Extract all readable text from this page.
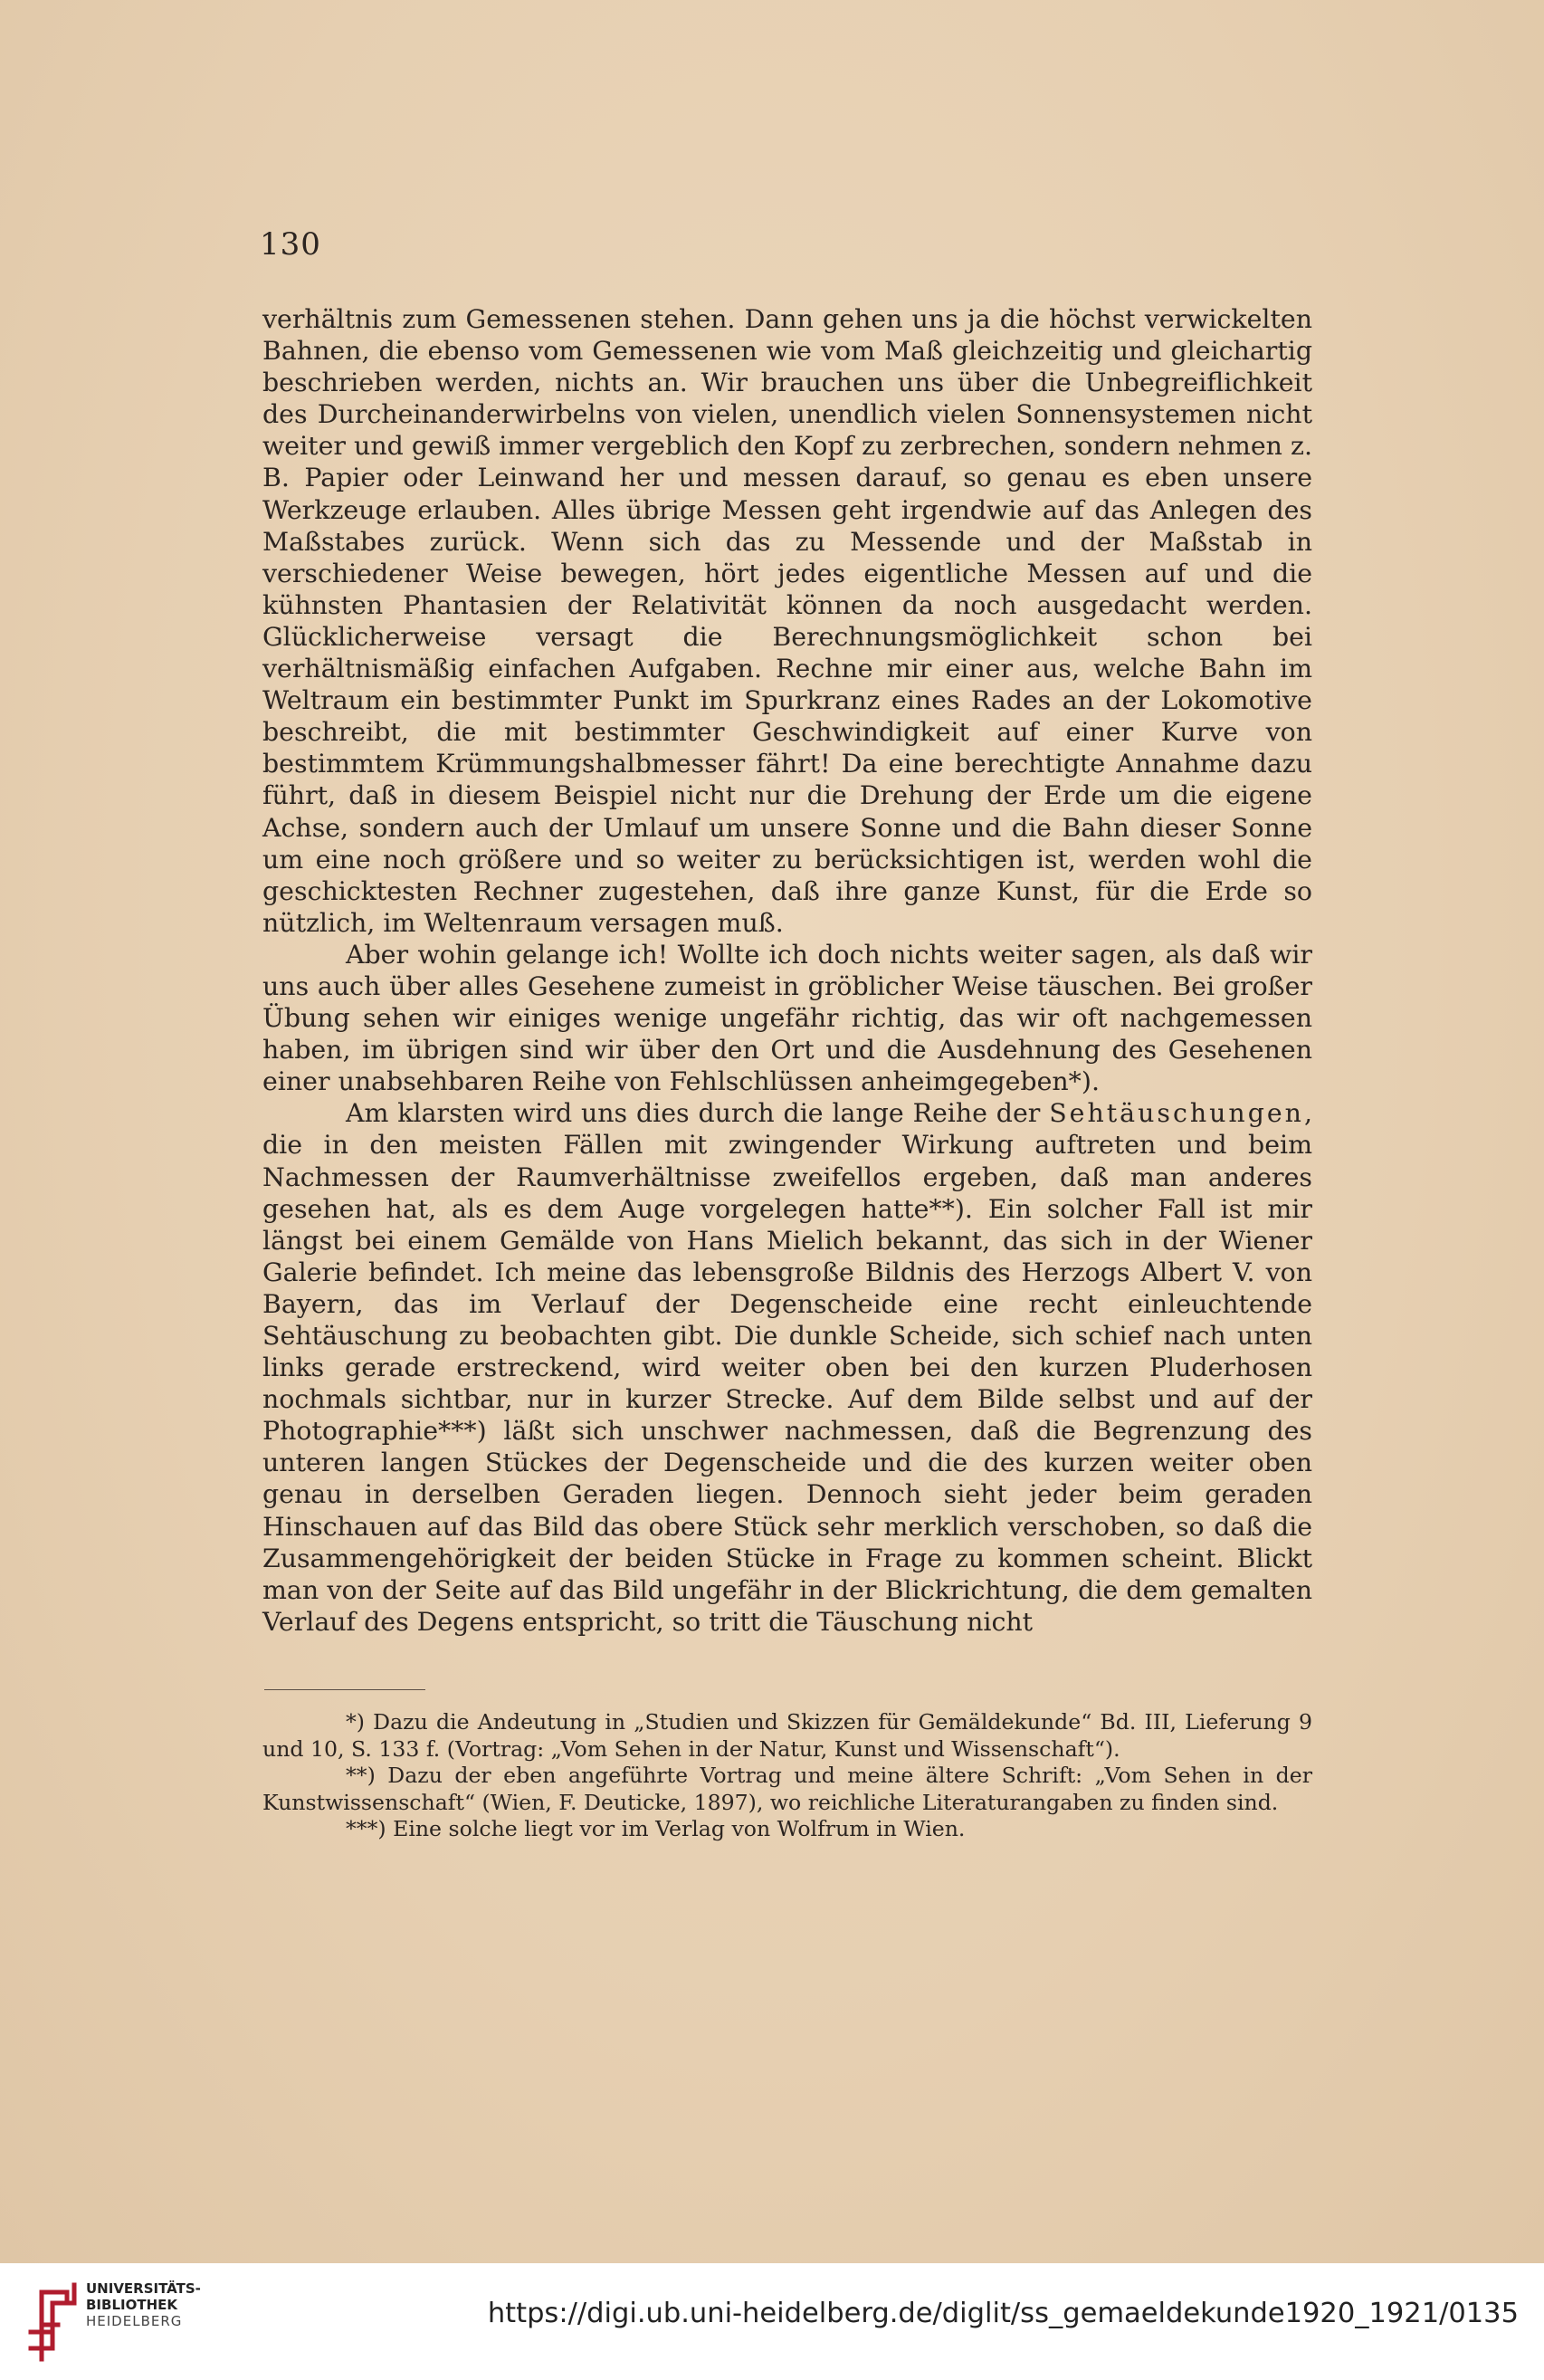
130

verhältnis zum Gemessenen stehen. Dann gehen uns ja die höchst verwickelten Bahnen, die ebenso vom Gemessenen wie vom Maß gleichzeitig und gleichartig beschrieben werden, nichts an. Wir brauchen uns über die Unbegreiflichkeit des Durcheinanderwirbelns von vielen, unendlich vielen Sonnensystemen nicht weiter und gewiß immer vergeblich den Kopf zu zerbrechen, sondern nehmen z. B. Papier oder Leinwand her und messen darauf, so genau es eben unsere Werkzeuge erlauben. Alles übrige Messen geht irgendwie auf das Anlegen des Maßstabes zurück. Wenn sich das zu Messende und der Maßstab in verschiedener Weise bewegen, hört jedes eigentliche Messen auf und die kühnsten Phantasien der Relativität können da noch ausgedacht werden. Glücklicherweise versagt die Berechnungsmöglichkeit schon bei verhältnismäßig einfachen Aufgaben. Rechne mir einer aus, welche Bahn im Weltraum ein bestimmter Punkt im Spurkranz eines Rades an der Lokomotive beschreibt, die mit bestimmter Geschwindigkeit auf einer Kurve von bestimmtem Krümmungshalbmesser fährt! Da eine berechtigte Annahme dazu führt, daß in diesem Beispiel nicht nur die Drehung der Erde um die eigene Achse, sondern auch der Umlauf um unsere Sonne und die Bahn dieser Sonne um eine noch größere und so weiter zu berücksichtigen ist, werden wohl die geschicktesten Rechner zugestehen, daß ihre ganze Kunst, für die Erde so nützlich, im Weltenraum versagen muß.

Aber wohin gelange ich! Wollte ich doch nichts weiter sagen, als daß wir uns auch über alles Gesehene zumeist in gröblicher Weise täuschen. Bei großer Übung sehen wir einiges wenige ungefähr richtig, das wir oft nachgemessen haben, im übrigen sind wir über den Ort und die Ausdehnung des Gesehenen einer unabsehbaren Reihe von Fehlschlüssen anheimgegeben*).

Am klarsten wird uns dies durch die lange Reihe der Sehtäuschungen, die in den meisten Fällen mit zwingender Wirkung auftreten und beim Nachmessen der Raumverhältnisse zweifellos ergeben, daß man anderes gesehen hat, als es dem Auge vorgelegen hatte**). Ein solcher Fall ist mir längst bei einem Gemälde von Hans Mielich bekannt, das sich in der Wiener Galerie befindet. Ich meine das lebensgroße Bildnis des Herzogs Albert V. von Bayern, das im Verlauf der Degenscheide eine recht einleuchtende Sehtäuschung zu beobachten gibt. Die dunkle Scheide, sich schief nach unten links gerade erstreckend, wird weiter oben bei den kurzen Pluderhosen nochmals sichtbar, nur in kurzer Strecke. Auf dem Bilde selbst und auf der Photographie***) läßt sich unschwer nachmessen, daß die Begrenzung des unteren langen Stückes der Degenscheide und die des kurzen weiter oben genau in derselben Geraden liegen. Dennoch sieht jeder beim geraden Hinschauen auf das Bild das obere Stück sehr merklich verschoben, so daß die Zusammengehörigkeit der beiden Stücke in Frage zu kommen scheint. Blickt man von der Seite auf das Bild ungefähr in der Blickrichtung, die dem gemalten Verlauf des Degens entspricht, so tritt die Täuschung nicht

*) Dazu die Andeutung in „Studien und Skizzen für Gemäldekunde“ Bd. III, Lieferung 9 und 10, S. 133 f. (Vortrag: „Vom Sehen in der Natur, Kunst und Wissenschaft“).

**) Dazu der eben angeführte Vortrag und meine ältere Schrift: „Vom Sehen in der Kunstwissenschaft“ (Wien, F. Deuticke, 1897), wo reichliche Literaturangaben zu finden sind.

***) Eine solche liegt vor im Verlag von Wolfrum in Wien.

UNIVERSITÄTS-
BIBLIOTHEK
HEIDELBERG	https://digi.ub.uni-heidelberg.de/diglit/ss_gemaeldekunde1920_1921/0135
